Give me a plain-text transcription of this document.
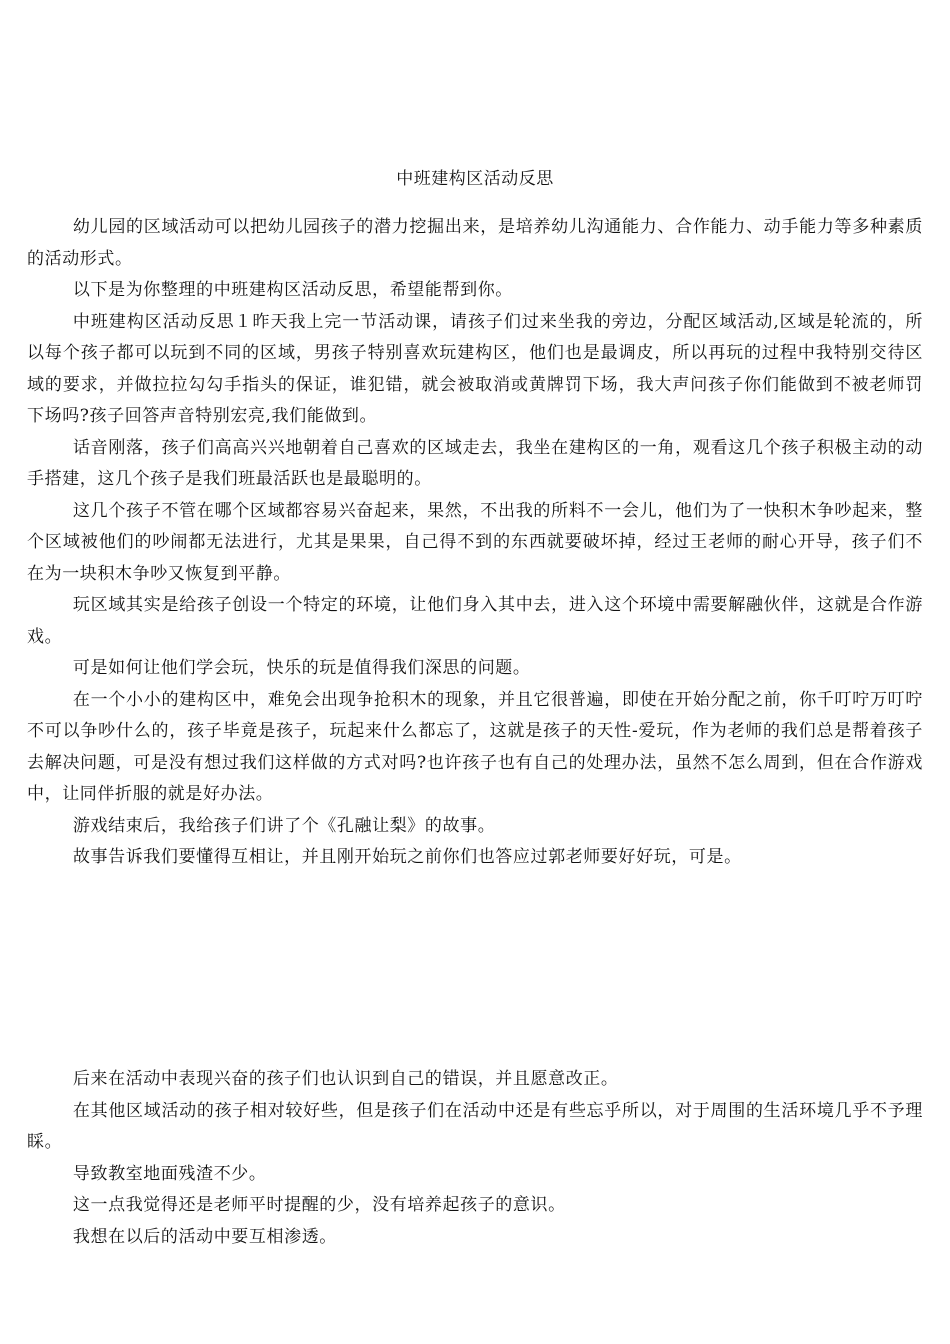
中班建构区活动反思

幼儿园的区域活动可以把幼儿园孩子的潜力挖掘出来，是培养幼儿沟通能力、合作能力、动手能力等多种素质的活动形式。

以下是为你整理的中班建构区活动反思，希望能帮到你。

中班建构区活动反思１昨天我上完一节活动课，请孩子们过来坐我的旁边，分配区域活动,区域是轮流的，所以每个孩子都可以玩到不同的区域，男孩子特别喜欢玩建构区，他们也是最调皮，所以再玩的过程中我特别交待区域的要求，并做拉拉勾勾手指头的保证，谁犯错，就会被取消或黄牌罚下场，我大声问孩子你们能做到不被老师罚下场吗?孩子回答声音特别宏亮,我们能做到。

话音刚落，孩子们高高兴兴地朝着自己喜欢的区域走去，我坐在建构区的一角，观看这几个孩子积极主动的动手搭建，这几个孩子是我们班最活跃也是最聪明的。

这几个孩子不管在哪个区域都容易兴奋起来，果然，不出我的所料不一会儿，他们为了一快积木争吵起来，整个区域被他们的吵闹都无法进行，尤其是果果，自己得不到的东西就要破坏掉，经过王老师的耐心开导，孩子们不在为一块积木争吵又恢复到平静。

玩区域其实是给孩子创设一个特定的环境，让他们身入其中去，进入这个环境中需要解融伙伴，这就是合作游戏。

可是如何让他们学会玩，快乐的玩是值得我们深思的问题。

在一个小小的建构区中，难免会出现争抢积木的现象，并且它很普遍，即使在开始分配之前，你千叮咛万叮咛不可以争吵什么的，孩子毕竟是孩子，玩起来什么都忘了，这就是孩子的天性-爱玩，作为老师的我们总是帮着孩子去解决问题，可是没有想过我们这样做的方式对吗?也许孩子也有自己的处理办法，虽然不怎么周到，但在合作游戏中，让同伴折服的就是好办法。

游戏结束后，我给孩子们讲了个《孔融让梨》的故事。

故事告诉我们要懂得互相让，并且刚开始玩之前你们也答应过郭老师要好好玩，可是。

后来在活动中表现兴奋的孩子们也认识到自己的错误，并且愿意改正。

在其他区域活动的孩子相对较好些，但是孩子们在活动中还是有些忘乎所以，对于周围的生活环境几乎不予理睬。

导致教室地面残渣不少。

这一点我觉得还是老师平时提醒的少，没有培养起孩子的意识。

我想在以后的活动中要互相渗透。
